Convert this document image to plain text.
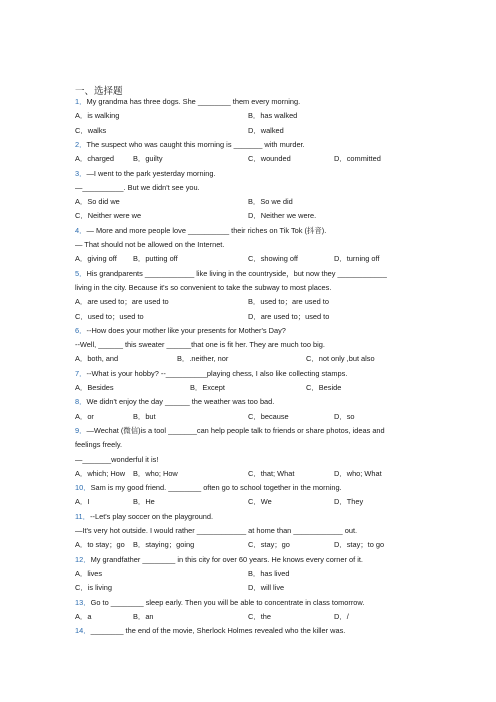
一、选择题
1．My grandma has three dogs. She ________ them every morning.
A．is walking	B．has walked
C．walks	D．walked
2．The suspect who was caught this morning is _______ with murder.
A．charged	B．guilty	C．wounded	D．committed
3．—I went to the park yesterday morning.
—__________. But we didn't see you.
A．So did we	B．So we did
C．Neither were we	D．Neither we were.
4．— More and more people love __________ their riches on Tik Tok (抖音).
— That should not be allowed on the Internet.
A．giving off B．putting off	C．showing off	D．turning off
5．His grandparents ____________ like living in the countryside，but now they ____________
living in the city. Because it's so convenient to take the subway to most places.
A．are used to；are used to	B．used to；are used to
C．used to；used to	D．are used to；used to
6．--How does your mother like your presents for Mother's Day?
--Well, ______ this sweater ______that one is fit her. They are much too big.
A．both, and	B．.neither, nor	C．not only ,but also
7．--What is your hobby? --__________playing chess, I also like collecting stamps.
A．Besides	B．Except	C．Beside
8．We didn't enjoy the day ______ the weather was too bad.
A．or	B．but	C．because	D．so
9．—Wechat (微信)is a tool _______can help people talk to friends or share photos, ideas and
feelings freely.
—_______wonderful it is!
A．which; How B．who; How	C．that; What	D．who; What
10．Sam is my good friend. ________ often go to school together in the morning.
A．I	B．He	C．We	D．They
11．--Let's play soccer on the playground.
—It's very hot outside. I would rather ____________ at home than ____________ out.
A．to stay；go B．staying；going	C．stay；go	D．stay；to go
12．My grandfather ________ in this city for over 60 years. He knows every corner of it.
A．lives	B．has lived
C．is living	D．will live
13．Go to ________ sleep early. Then you will be able to concentrate in class tomorrow.
A．a	B．an	C．the	D．/
14．________ the end of the movie, Sherlock Holmes revealed who the killer was.
